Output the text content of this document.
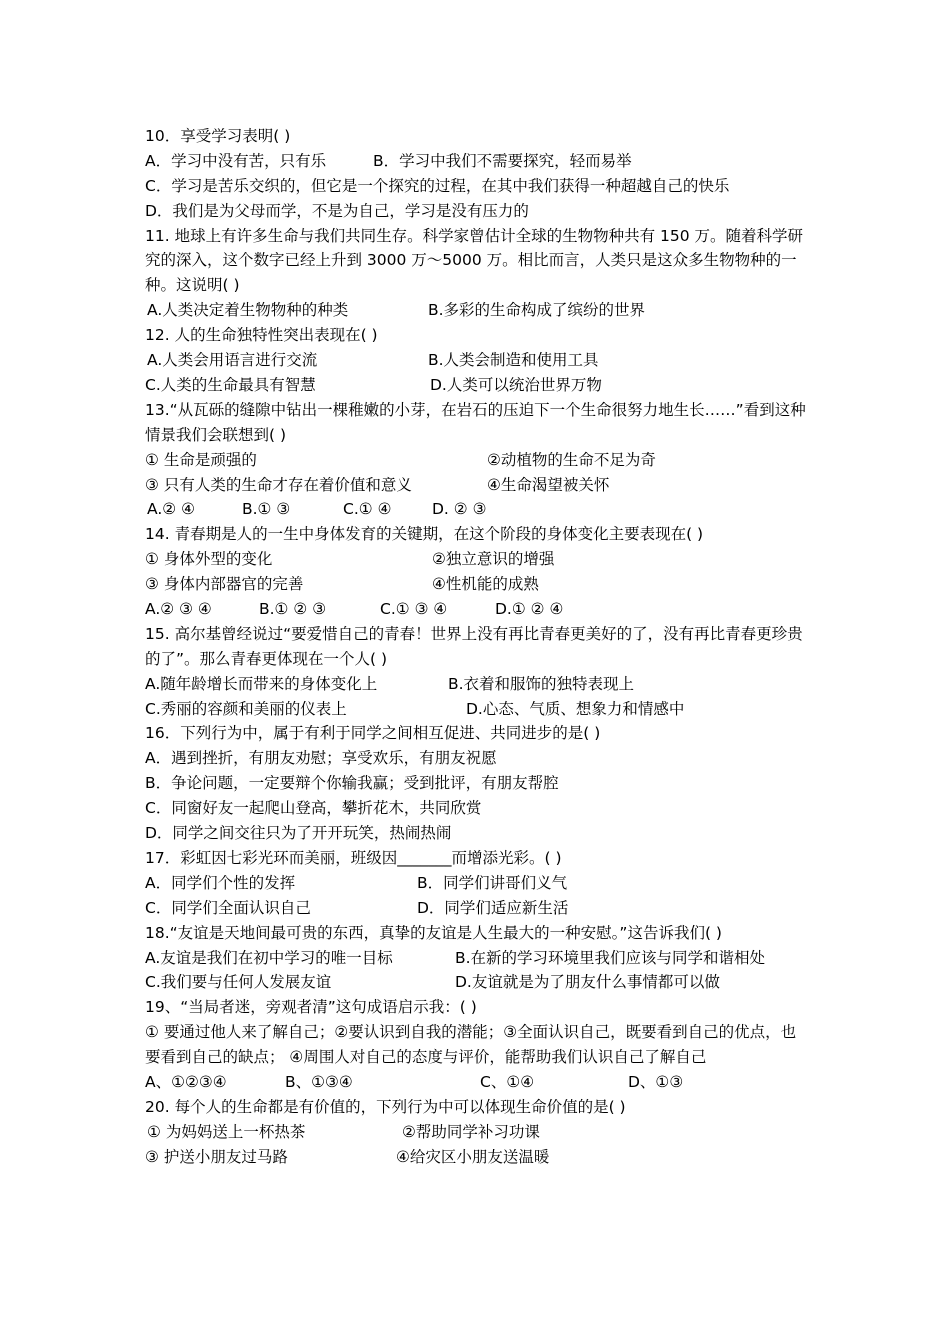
10．享受学习表明( )
A．学习中没有苦，只有乐	B．学习中我们不需要探究，轻而易举
C．学习是苦乐交织的，但它是一个探究的过程，在其中我们获得一种超越自己的快乐
D．我们是为父母而学，不是为自己，学习是没有压力的
11. 地球上有许多生命与我们共同生存。科学家曾估计全球的生物物种共有 150 万。随着科学研究的深入，这个数字已经上升到 3000 万～5000 万。相比而言，人类只是这众多生物物种的一种。这说明( )
A.人类决定着生物物种的种类	B.多彩的生命构成了缤纷的世界
12. 人的生命独特性突出表现在( )
A.人类会用语言进行交流	B.人类会制造和使用工具
C.人类的生命最具有智慧	D.人类可以统治世界万物
13.“从瓦砾的缝隙中钻出一棵稚嫩的小芽，在岩石的压迫下一个生命很努力地生长……”看到这种情景我们会联想到( )
① 生命是顽强的	②动植物的生命不足为奇
③ 只有人类的生命才存在着价值和意义	④生命渴望被关怀
A.② ④	B.① ③	C.① ④	D. ② ③
14. 青春期是人的一生中身体发育的关键期，在这个阶段的身体变化主要表现在( )
① 身体外型的变化	②独立意识的增强
③ 身体内部器官的完善	④性机能的成熟
A.② ③ ④	B.① ② ③	C.① ③ ④	D.① ② ④
15. 高尔基曾经说过“要爱惜自己的青春！世界上没有再比青春更美好的了，没有再比青春更珍贵的了”。那么青春更体现在一个人( )
A.随年龄增长而带来的身体变化上	B.衣着和服饰的独特表现上
C.秀丽的容颜和美丽的仪表上	D.心态、气质、想象力和情感中
16．下列行为中，属于有利于同学之间相互促进、共同进步的是( )
A．遇到挫折，有朋友劝慰；享受欢乐，有朋友祝愿
B．争论问题，一定要辩个你输我赢；受到批评，有朋友帮腔
C．同窗好友一起爬山登高，攀折花木，共同欣赏
D．同学之间交往只为了开开玩笑，热闹热闹
17．彩虹因七彩光环而美丽，班级因_______而增添光彩。( )
A．同学们个性的发挥	B．同学们讲哥们义气
C．同学们全面认识自己	D．同学们适应新生活
18.“友谊是天地间最可贵的东西，真挚的友谊是人生最大的一种安慰。”这告诉我们( )
A.友谊是我们在初中学习的唯一目标	B.在新的学习环境里我们应该与同学和谐相处
C.我们要与任何人发展友谊	D.友谊就是为了朋友什么事情都可以做
19、“当局者迷，旁观者清”这句成语启示我：( )
① 要通过他人来了解自己；②要认识到自我的潜能；③全面认识自己，既要看到自己的优点，也要看到自己的缺点； ④周围人对自己的态度与评价，能帮助我们认识自己了解自己
A、①②③④	B、①③④	C、①④	D、①③
20. 每个人的生命都是有价值的，下列行为中可以体现生命价值的是( )
① 为妈妈送上一杯热茶	②帮助同学补习功课
③ 护送小朋友过马路	④给灾区小朋友送温暖
